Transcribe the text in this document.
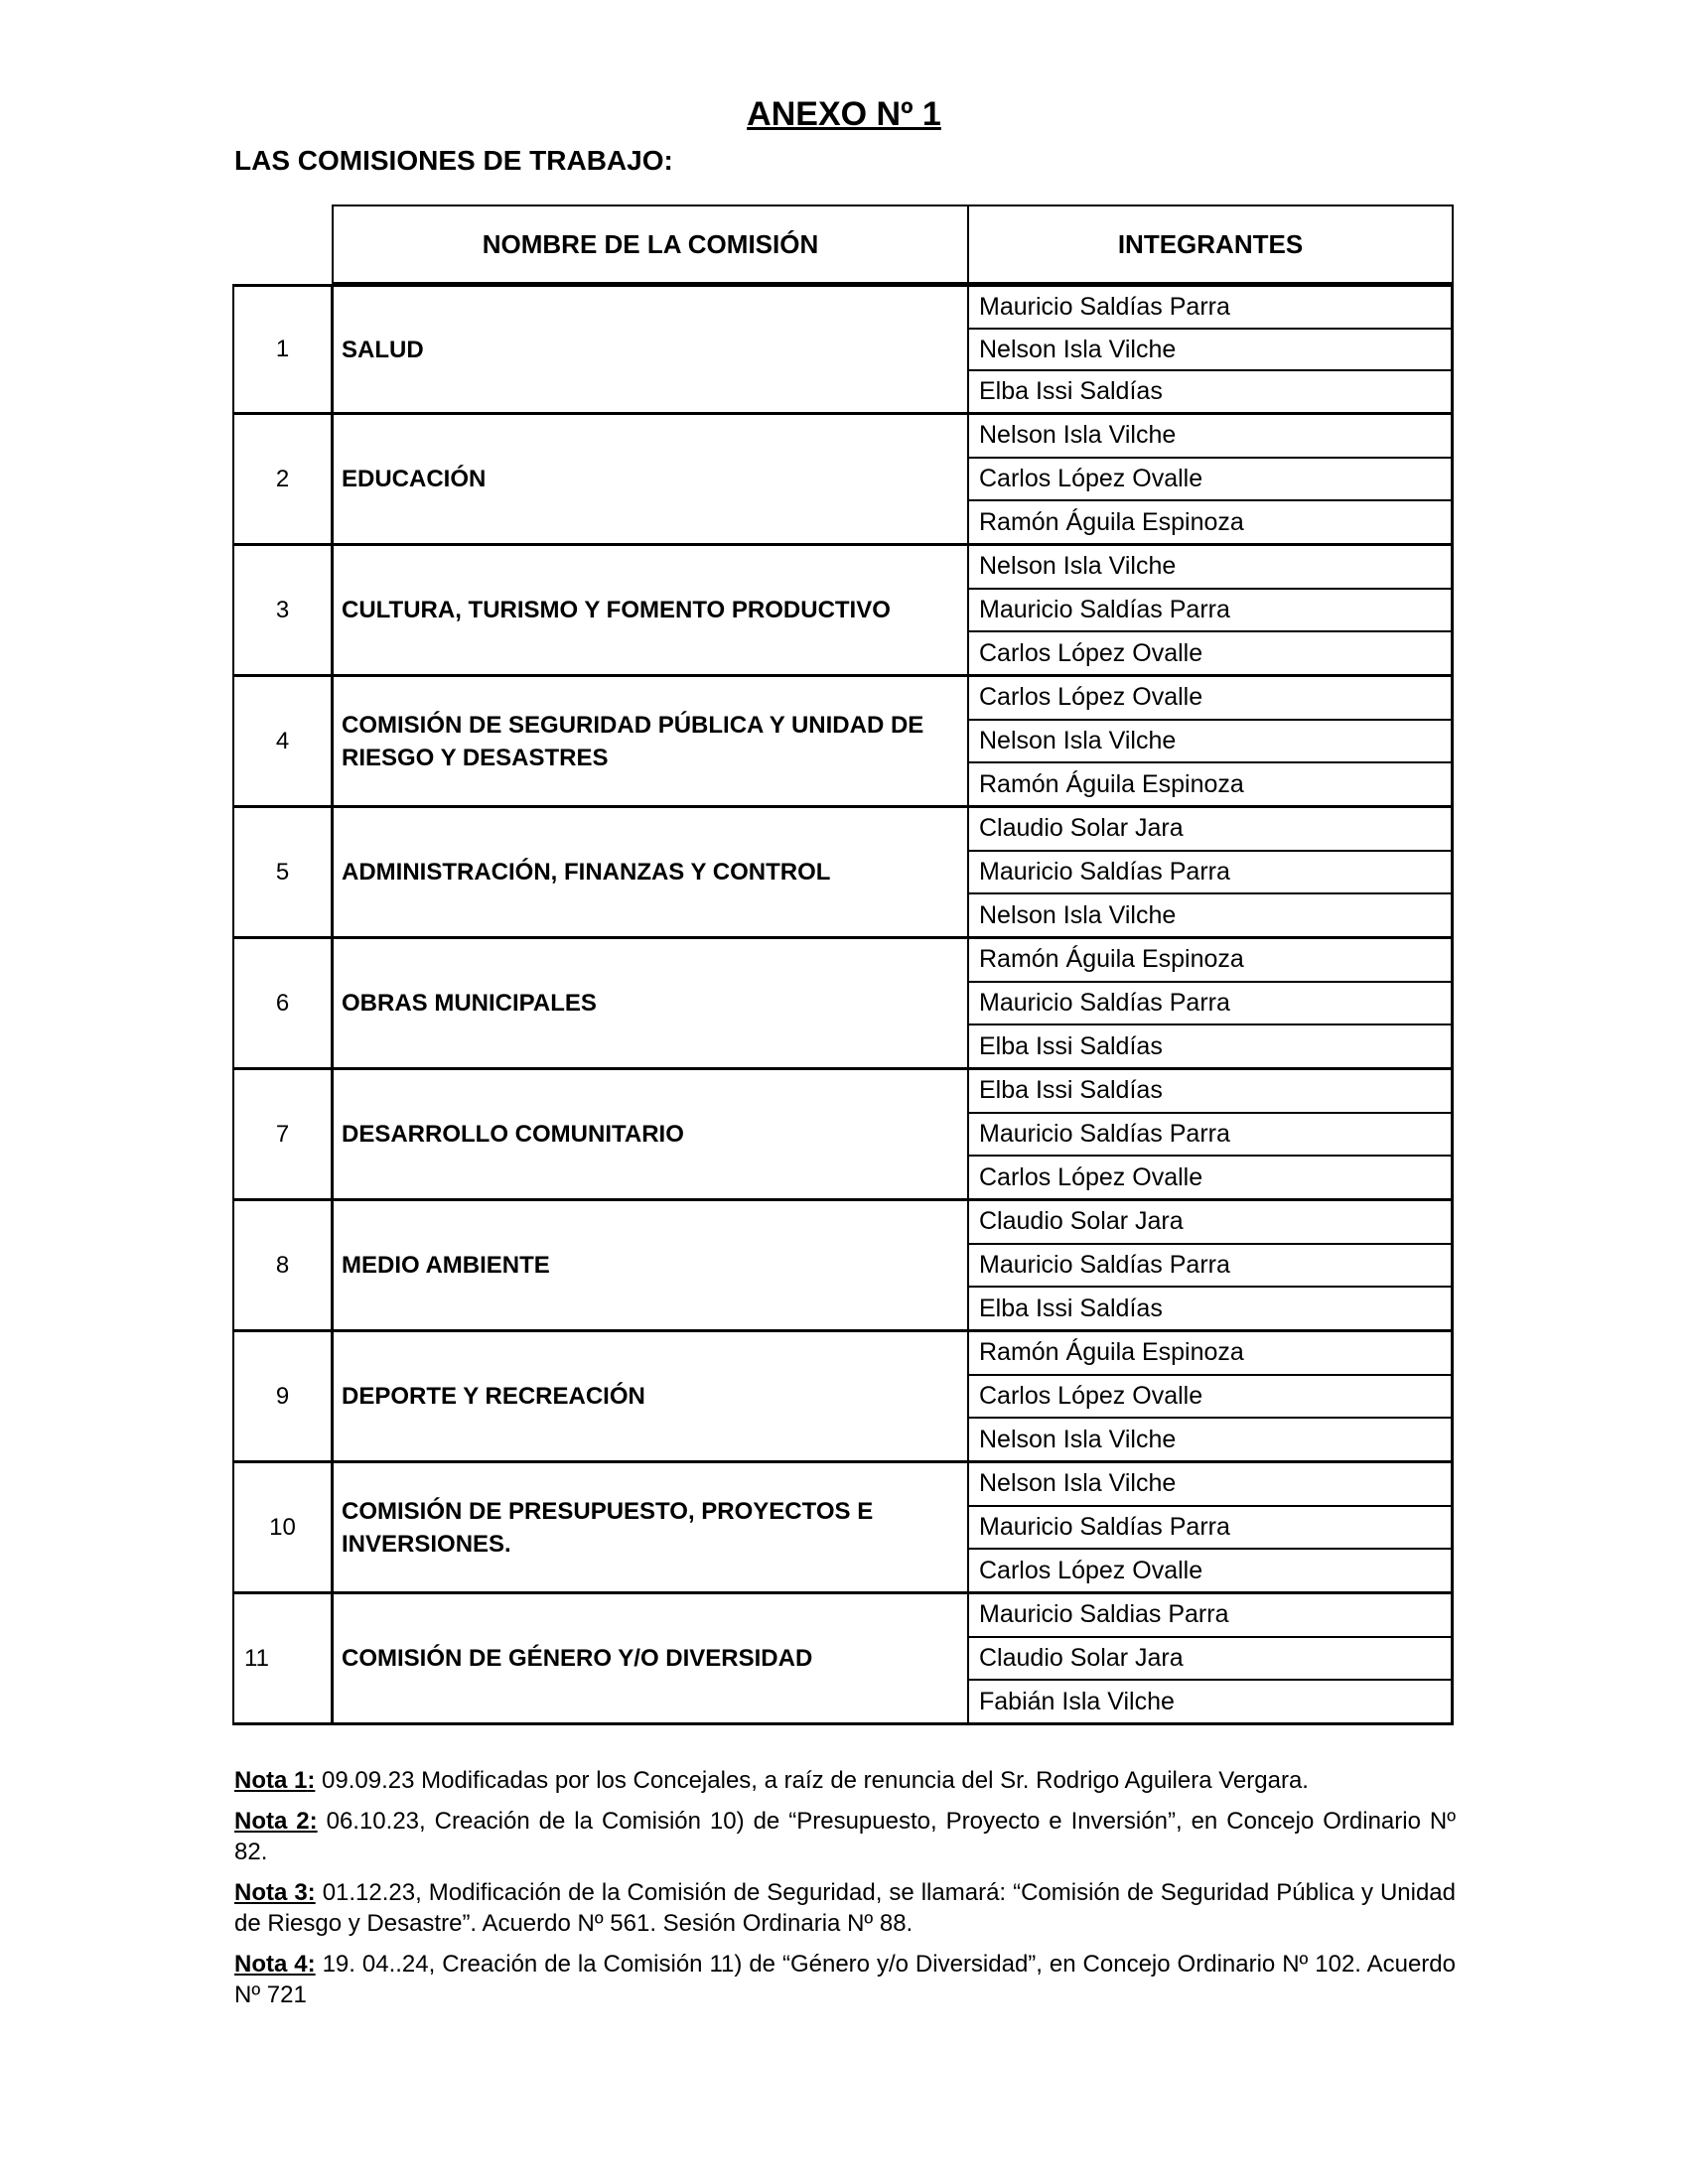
ANEXO Nº 1
LAS COMISIONES DE TRABAJO:
NOMBRE DE LA COMISIÓN	INTEGRANTES
1	SALUD
Mauricio Saldías Parra
Nelson Isla Vilche
Elba Issi Saldías
2	EDUCACIÓN
Nelson Isla Vilche
Carlos López Ovalle
Ramón Águila Espinoza
3	CULTURA, TURISMO Y FOMENTO PRODUCTIVO
Nelson Isla Vilche
Mauricio Saldías Parra
Carlos López Ovalle
4
COMISIÓN DE SEGURIDAD PÚBLICA Y UNIDAD DE RIESGO Y DESASTRES
Carlos López Ovalle
Nelson Isla Vilche
Ramón Águila Espinoza
5	ADMINISTRACIÓN, FINANZAS Y CONTROL
Claudio Solar Jara
Mauricio Saldías Parra
Nelson Isla Vilche
6	OBRAS MUNICIPALES
Ramón Águila Espinoza
Mauricio Saldías Parra
Elba Issi Saldías
7	DESARROLLO COMUNITARIO
Elba Issi Saldías
Mauricio Saldías Parra
Carlos López Ovalle
8	MEDIO AMBIENTE
Claudio Solar Jara
Mauricio Saldías Parra
Elba Issi Saldías
9	DEPORTE Y RECREACIÓN
Ramón Águila Espinoza
Carlos López Ovalle
Nelson Isla Vilche
10
COMISIÓN DE PRESUPUESTO, PROYECTOS E INVERSIONES.
Nelson Isla Vilche
Mauricio Saldías Parra
Carlos López Ovalle
11	COMISIÓN DE GÉNERO Y/O DIVERSIDAD
Mauricio Saldias Parra
Claudio Solar Jara
Fabián Isla Vilche
Nota 1: 09.09.23 Modificadas por los Concejales, a raíz de renuncia del Sr. Rodrigo Aguilera Vergara.
Nota 2: 06.10.23, Creación de la Comisión 10) de “Presupuesto, Proyecto e Inversión”, en Concejo Ordinario Nº 82.
Nota 3: 01.12.23, Modificación de la Comisión de Seguridad, se llamará: “Comisión de Seguridad Pública y Unidad de Riesgo y Desastre”. Acuerdo Nº 561. Sesión Ordinaria Nº 88.
Nota 4: 19. 04..24, Creación de la Comisión 11) de “Género y/o Diversidad”, en Concejo Ordinario Nº 102. Acuerdo Nº 721
